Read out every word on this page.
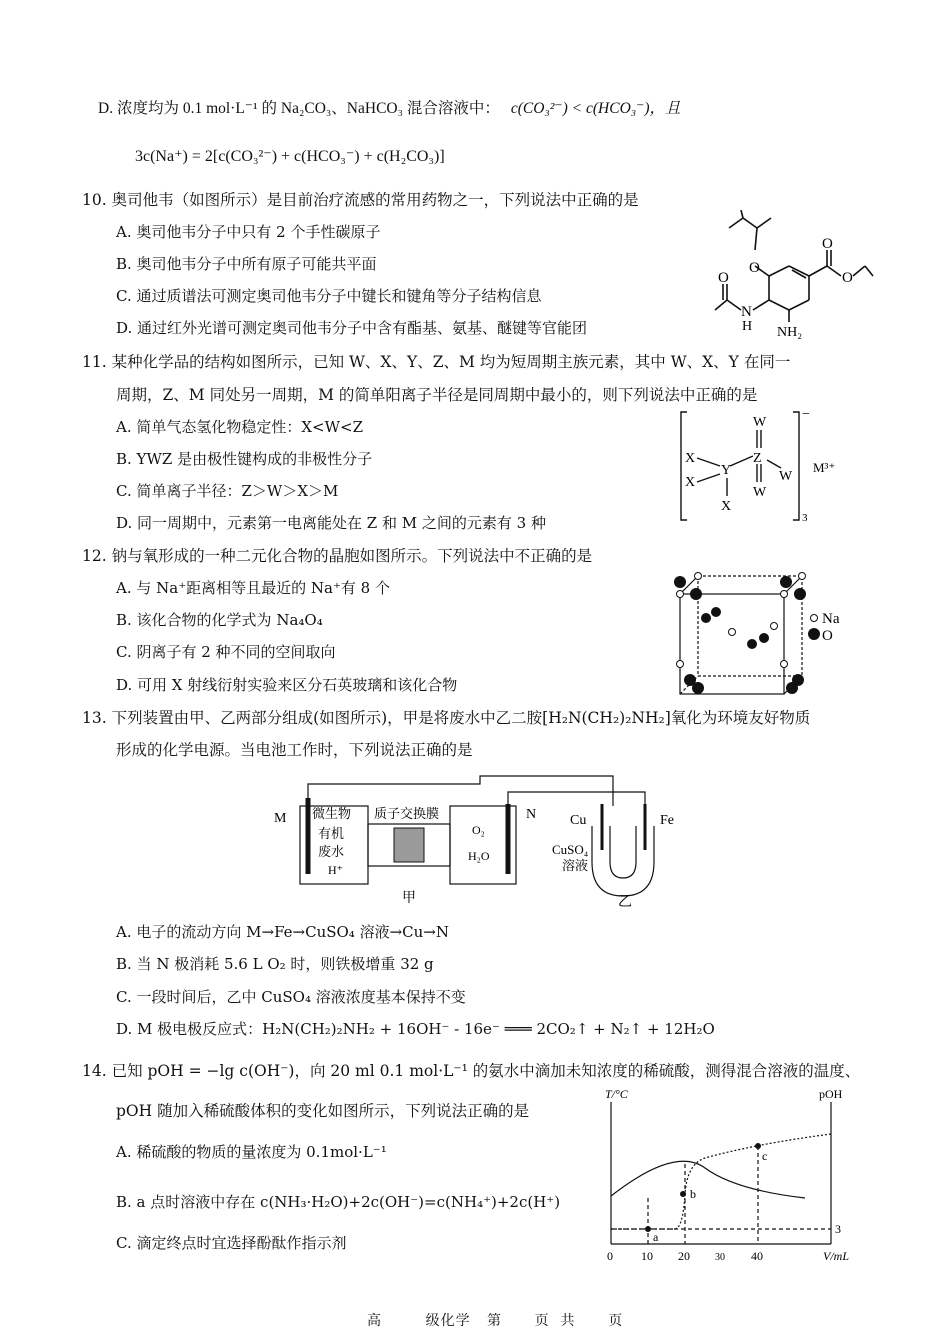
D. 浓度均为 0.1 mol·L⁻¹ 的 Na₂CO₃、NaHCO₃ 混合溶液中： c(CO₃²⁻) < c(HCO₃⁻)，且
3c(Na⁺) = 2[c(CO₃²⁻) + c(HCO₃⁻) + c(H₂CO₃)]
10. 奥司他韦（如图所示）是目前治疗流感的常用药物之一，下列说法中正确的是
A. 奥司他韦分子中只有 2 个手性碳原子
B. 奥司他韦分子中所有原子可能共平面
C. 通过质谱法可测定奥司他韦分子中键长和键角等分子结构信息
D. 通过红外光谱可测定奥司他韦分子中含有酯基、氨基、醚键等官能团
O
O
O
O
N
H NH₂
11. 某种化学品的结构如图所示，已知 W、X、Y、Z、M 均为短周期主族元素，其中 W、X、Y 在同一
周期，Z、M 同处另一周期，M 的简单阳离子半径是同周期中最小的，则下列说法中正确的是
A. 简单气态氢化物稳定性：X<W<Z
B. YWZ 是由极性键构成的非极性分子
C. 简单离子半径：Z＞W＞X＞M
D. 同一周期中，元素第一电离能处在 Z 和 M 之间的元素有 3 种
W
X
X
Y
Z
W
W
X
−
M³⁺
3
12. 钠与氧形成的一种二元化合物的晶胞如图所示。下列说法中不正确的是
A. 与 Na⁺距离相等且最近的 Na⁺有 8 个
B. 该化合物的化学式为 Na₄O₄
C. 阴离子有 2 种不同的空间取向
D. 可用 X 射线衍射实验来区分石英玻璃和该化合物
Na
O
13. 下列装置由甲、乙两部分组成(如图所示)，甲是将废水中乙二胺[H₂N(CH₂)₂NH₂]氧化为环境友好物质
形成的化学电源。当电池工作时，下列说法正确的是
M 微生物
有机
废水
H⁺
质子交换膜
O₂
H₂O
N Cu	Fe
CuSO₄
溶液
甲	乙
A. 电子的流动方向 M→Fe→CuSO₄ 溶液→Cu→N
B. 当 N 极消耗 5.6 L O₂ 时，则铁极增重 32 g
C. 一段时间后，乙中 CuSO₄ 溶液浓度基本保持不变
D. M 极电极反应式：H₂N(CH₂)₂NH₂ + 16OH⁻ - 16e⁻ ═══ 2CO₂↑ + N₂↑ + 12H₂O
14. 已知 pOH = −lg c(OH⁻)，向 20 ml 0.1 mol·L⁻¹ 的氨水中滴加未知浓度的稀硫酸，测得混合溶液的温度、
pOH 随加入稀硫酸体积的变化如图所示，下列说法正确的是
A. 稀硫酸的物质的量浓度为 0.1mol·L⁻¹
B. a 点时溶液中存在 c(NH₃·H₂O)+2c(OH⁻)=c(NH₄⁺)+2c(H⁺)
C. 滴定终点时宜选择酚酞作指示剂	a
b
c
T/°C	pOH
3
0 10 20	30 40	V/mL
高        级化学   第      页  共      页
